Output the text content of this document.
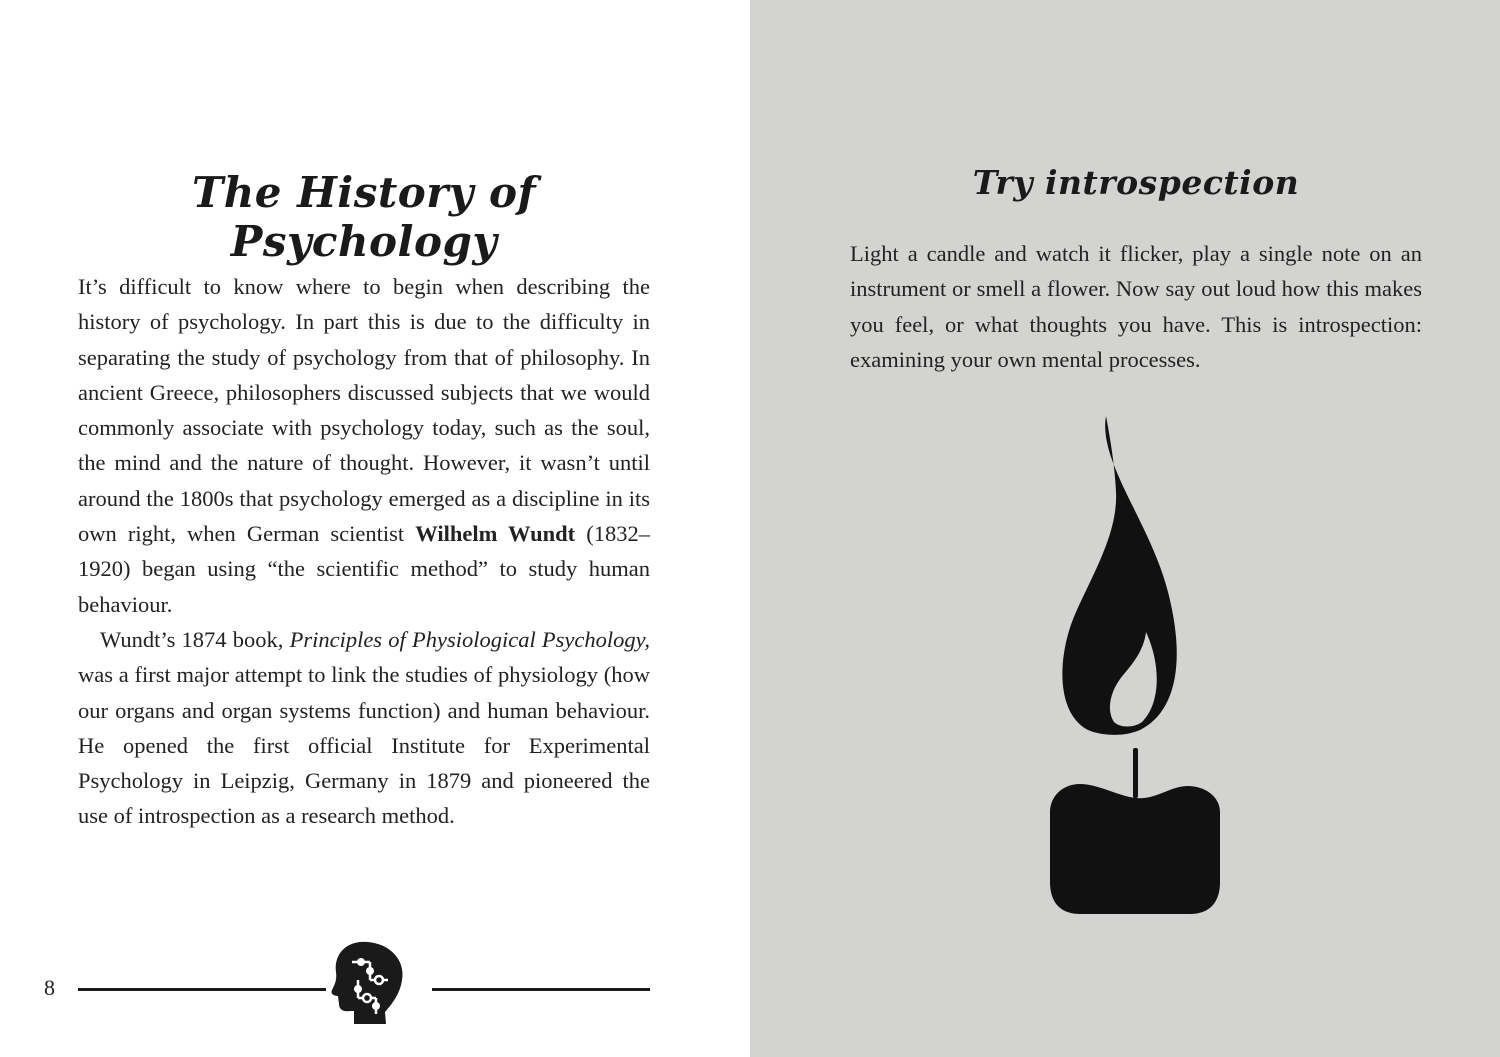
The History of Psychology

It’s difficult to know where to begin when describing the history of psychology. In part this is due to the difficulty in separating the study of psychology from that of philosophy. In ancient Greece, philosophers discussed subjects that we would commonly associate with psychology today, such as the soul, the mind and the nature of thought. However, it wasn’t until around the 1800s that psychology emerged as a discipline in its own right, when German scientist Wilhelm Wundt (1832–1920) began using “the scientific method” to study human behaviour.

Wundt’s 1874 book, Principles of Physiological Psychology, was a first major attempt to link the studies of physiology (how our organs and organ systems function) and human behaviour. He opened the first official Institute for Experimental Psychology in Leipzig, Germany in 1879 and pioneered the use of introspection as a research method.

8
Try introspection

Light a candle and watch it flicker, play a single note on an instrument or smell a flower. Now say out loud how this makes you feel, or what thoughts you have. This is introspection: examining your own mental processes.
